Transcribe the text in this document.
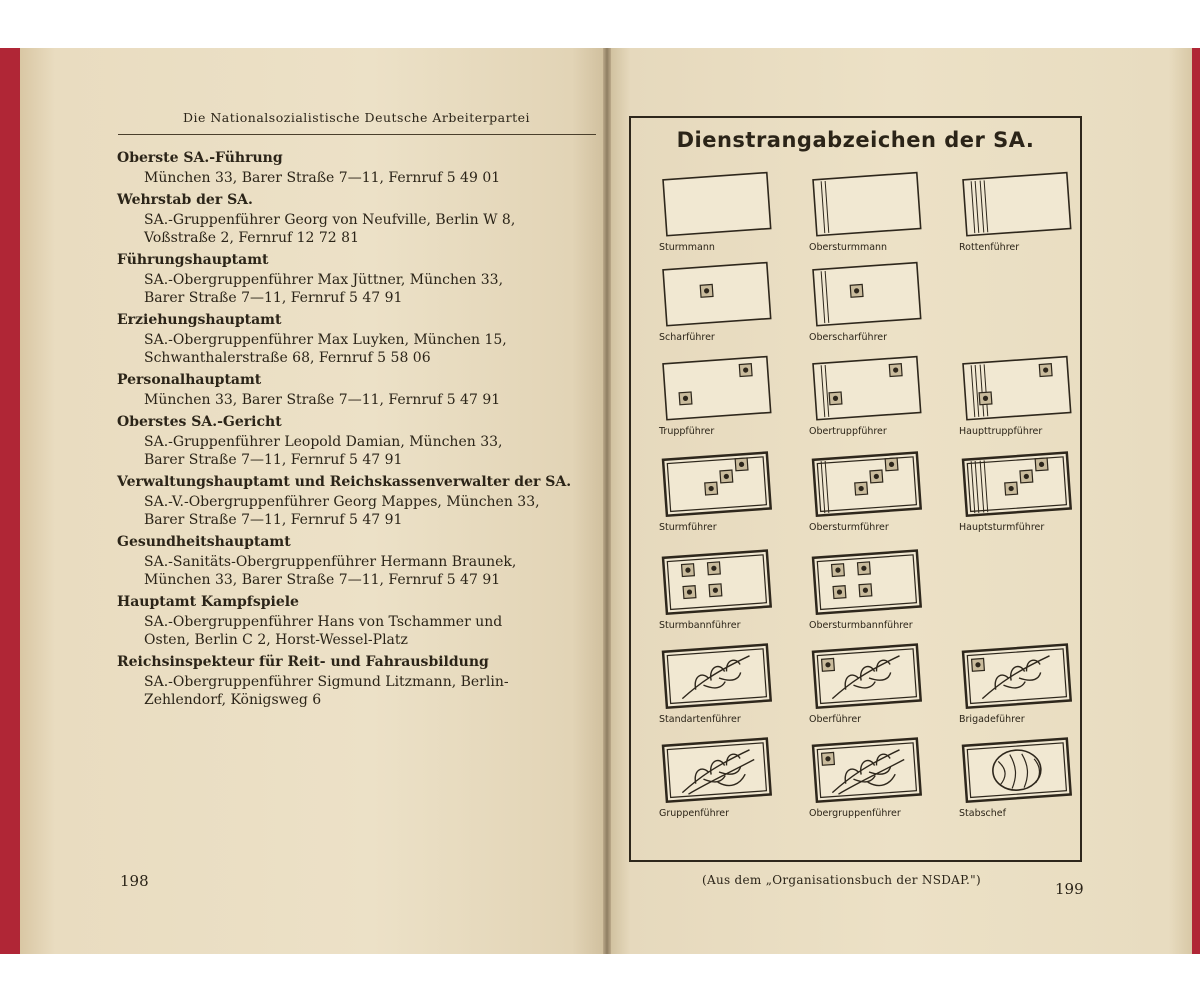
Die Nationalsozialistische Deutsche Arbeiterpartei
Oberste SA.-Führung
München 33, Barer Straße 7—11, Fernruf 5 49 01
Wehrstab der SA.
SA.-Gruppenführer Georg von Neufville, Berlin W 8,
Voßstraße 2, Fernruf 12 72 81
Führungshauptamt
SA.-Obergruppenführer Max Jüttner, München 33,
Barer Straße 7—11, Fernruf 5 47 91
Erziehungshauptamt
SA.-Obergruppenführer Max Luyken, München 15,
Schwanthalerstraße 68, Fernruf 5 58 06
Personalhauptamt
München 33, Barer Straße 7—11, Fernruf 5 47 91
Oberstes SA.-Gericht
SA.-Gruppenführer Leopold Damian, München 33,
Barer Straße 7—11, Fernruf 5 47 91
Verwaltungshauptamt und Reichskassenverwalter der SA.
SA.-V.-Obergruppenführer Georg Mappes, München 33,
Barer Straße 7—11, Fernruf 5 47 91
Gesundheitshauptamt
SA.-Sanitäts-Obergruppenführer Hermann Braunek,
München 33, Barer Straße 7—11, Fernruf 5 47 91
Hauptamt Kampfspiele
SA.-Obergruppenführer Hans von Tschammer und
Osten, Berlin C 2, Horst-Wessel-Platz
Reichsinspekteur für Reit- und Fahrausbildung
SA.-Obergruppenführer Sigmund Litzmann, Berlin-
Zehlendorf, Königsweg 6
198
Dienstrangabzeichen der SA.
Sturmmann	Obersturmmann	Rottenführer
Scharführer	Oberscharführer
Truppführer	Obertruppführer	Haupttruppführer
Sturmführer	Obersturmführer	Hauptsturmführer
Sturmbannführer	Obersturmbannführer
Standartenführer	Oberführer	Brigadeführer
Gruppenführer	Obergruppenführer	Stabschef
(Aus dem „Organisationsbuch der NSDAP.")	199
